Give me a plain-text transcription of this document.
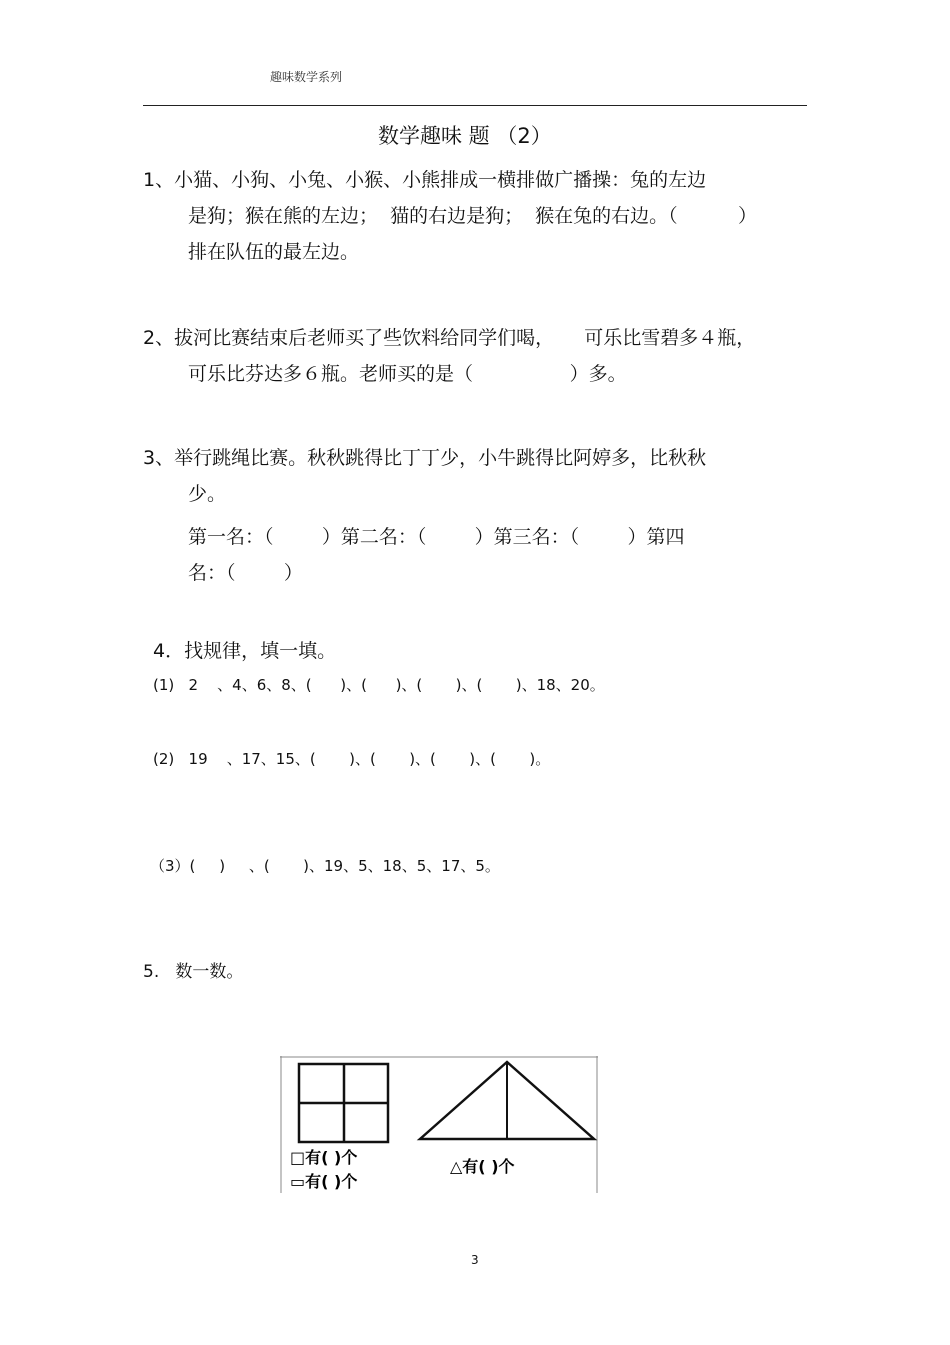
趣味数学系列
数学趣味 题 （2）
1、小猫、小狗、小兔、小猴、小熊排成一横排做广播操：兔的左边
是狗；猴在熊的左边；  猫的右边是狗；  猴在兔的右边。（          ）
排在队伍的最左边。
2、拔河比赛结束后老师买了些饮料给同学们喝，     可乐比雪碧多４瓶，
可乐比芬达多６瓶。老师买的是（                ）多。
3、举行跳绳比赛。秋秋跳得比丁丁少，小牛跳得比阿婷多，比秋秋
少。
第一名：（        ）第二名：（        ）第三名：（        ）第四
名：（        ）
4．找规律，填一填。
(1)   2    、4、6、8、(      )、(      )、(       )、(       )、18、20。
(2)   19    、17、15、(       )、(       )、(       )、(       )。
（3）(     )     、(       )、19、5、18、5、17、5。
5.   数一数。

□有( )个
▭有( )个
△有( )个

3
